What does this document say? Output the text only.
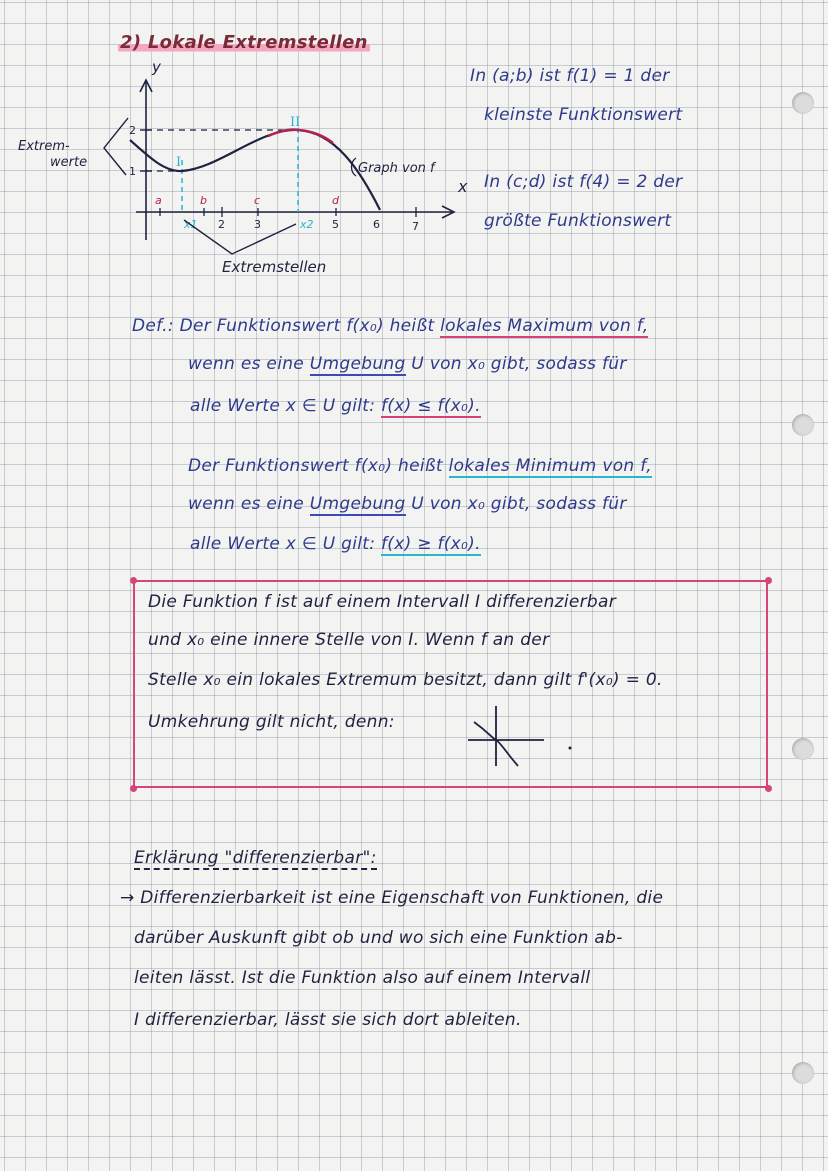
2) Lokale Extremstellen
y
x
2
1
I
II
a	b	c	d
x1	x2
2	3	5	6	7
Extrem-
werte	Graph von f
Extremstellen
In (a;b) ist f(1) = 1 der
kleinste Funktionswert
In (c;d) ist f(4) = 2 der
größte Funktionswert
Def.: Der Funktionswert f(x₀) heißt lokales Maximum von f,
wenn es eine Umgebung U von x₀ gibt, sodass für
alle Werte x ∈ U gilt: f(x) ≤ f(x₀).
Der Funktionswert f(x₀) heißt lokales Minimum von f,
wenn es eine Umgebung U von x₀ gibt, sodass für
alle Werte x ∈ U gilt: f(x) ≥ f(x₀).
Die Funktion f ist auf einem Intervall I differenzierbar
und x₀ eine innere Stelle von I. Wenn f an der
Stelle x₀ ein lokales Extremum besitzt, dann gilt f'(x₀) = 0.
Umkehrung gilt nicht, denn:
Erklärung "differenzierbar":
→ Differenzierbarkeit ist eine Eigenschaft von Funktionen, die
darüber Auskunft gibt ob und wo sich eine Funktion ab-
leiten lässt. Ist die Funktion also auf einem Intervall
I differenzierbar, lässt sie sich dort ableiten.
